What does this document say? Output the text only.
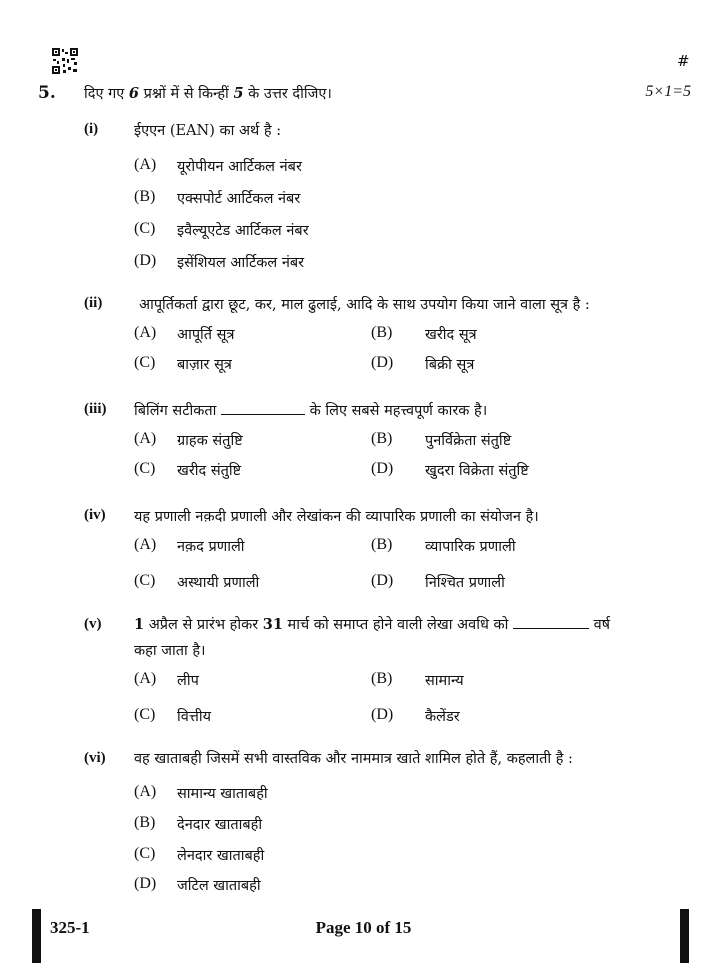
#
5. दिए गए 6 प्रश्नों में से किन्हीं 5 के उत्तर दीजिए।	5×1=5
(i) ईएएन (EAN) का अर्थ है :
(A) यूरोपीयन आर्टिकल नंबर
(B) एक्सपोर्ट आर्टिकल नंबर
(C) इवैल्यूएटेड आर्टिकल नंबर
(D) इसेंशियल आर्टिकल नंबर
(ii)	आपूर्तिकर्ता द्वारा छूट, कर, माल ढुलाई, आदि के साथ उपयोग किया जाने वाला सूत्र है :
(A) आपूर्ति सूत्र	(B) खरीद सूत्र
(C) बाज़ार सूत्र	(D) बिक्री सूत्र
(iii) बिलिंग सटीकता	के लिए सबसे महत्त्वपूर्ण कारक है।
(A) ग्राहक संतुष्टि	(B) पुनर्विक्रेता संतुष्टि
(C) खरीद संतुष्टि	(D) खुदरा विक्रेता संतुष्टि
(iv) यह प्रणाली नक़दी प्रणाली और लेखांकन की व्यापारिक प्रणाली का संयोजन है।
(A) नक़द प्रणाली	(B) व्यापारिक प्रणाली
(C) अस्थायी प्रणाली	(D) निश्चित प्रणाली
(v) 1 अप्रैल से प्रारंभ होकर 31 मार्च को समाप्त होने वाली लेखा अवधि को	वर्ष
कहा जाता है।
(A) लीप	(B) सामान्य
(C) वित्तीय	(D) कैलेंडर
(vi) वह खाताबही जिसमें सभी वास्तविक और नाममात्र खाते शामिल होते हैं, कहलाती है :
(A) सामान्य खाताबही
(B) देनदार खाताबही
(C) लेनदार खाताबही
(D) जटिल खाताबही
325-1	Page 10 of 15
